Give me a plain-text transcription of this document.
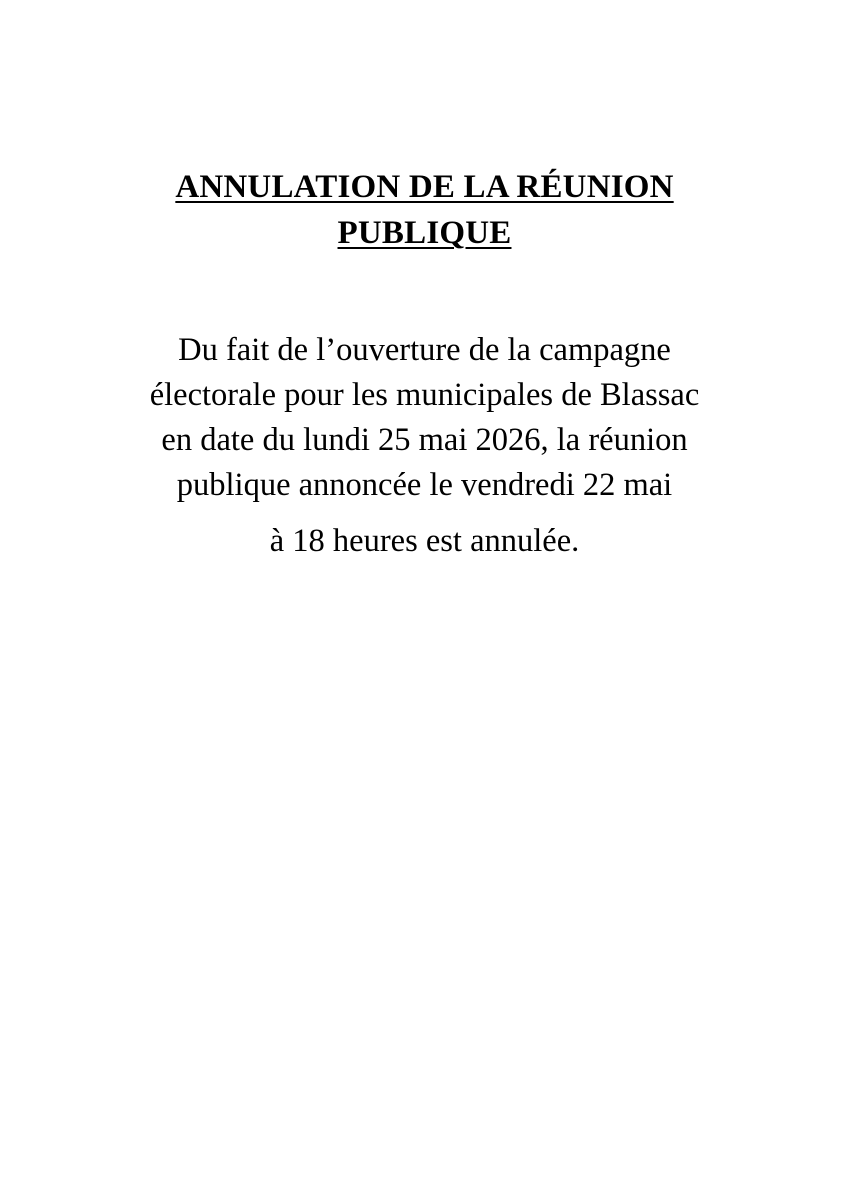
ANNULATION DE LA RÉUNION
PUBLIQUE
Du fait de l’ouverture de la campagne
électorale pour les municipales de Blassac
en date du lundi 25 mai 2026, la réunion
publique annoncée le vendredi 22 mai
à 18 heures est annulée.
